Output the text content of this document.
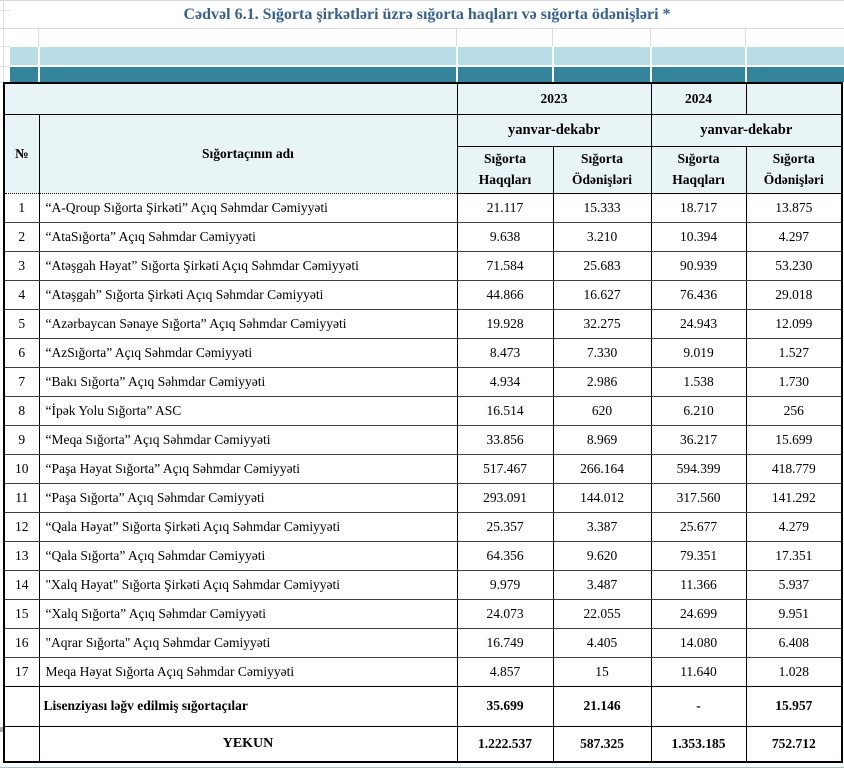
Cədvəl 6.1. Sığorta şirkətləri üzrə sığorta haqları və sığorta ödənişləri *
		2023		2024	
№	Sığortaçının adı	yanvar-dekabr		yanvar-dekabr	
		Sığorta Haqqları	Sığorta Ödənişləri	Sığorta Haqqları	Sığorta Ödənişləri
1	“A-Qroup Sığorta Şirkəti” Açıq Səhmdar Cəmiyyəti	21.117	15.333	18.717	13.875
2	“AtaSığorta” Açıq Səhmdar Cəmiyyəti	9.638	3.210	10.394	4.297
3	“Atəşgah Həyat” Sığorta Şirkəti Açıq Səhmdar Cəmiyyəti	71.584	25.683	90.939	53.230
4	“Atəşgah” Sığorta Şirkəti Açıq Səhmdar Cəmiyyəti	44.866	16.627	76.436	29.018
5	“Azərbaycan Sənaye Sığorta” Açıq Səhmdar Cəmiyyəti	19.928	32.275	24.943	12.099
6	“AzSığorta” Açıq Səhmdar Cəmiyyəti	8.473	7.330	9.019	1.527
7	“Bakı Sığorta” Açıq Səhmdar Cəmiyyəti	4.934	2.986	1.538	1.730
8	“İpək Yolu Sığorta” ASC	16.514	620	6.210	256
9	“Meqa Sığorta” Açıq Səhmdar Cəmiyyəti	33.856	8.969	36.217	15.699
10	“Paşa Həyat Sığorta” Açıq Səhmdar Cəmiyyəti	517.467	266.164	594.399	418.779
11	“Paşa Sığorta” Açıq Səhmdar Cəmiyyəti	293.091	144.012	317.560	141.292
12	“Qala Həyat” Sığorta Şirkəti Açıq Səhmdar Cəmiyyəti	25.357	3.387	25.677	4.279
13	“Qala Sığorta” Açıq Səhmdar Cəmiyyəti	64.356	9.620	79.351	17.351
14	"Xalq Həyat" Sığorta Şirkəti Açıq Səhmdar Cəmiyyəti	9.979	3.487	11.366	5.937
15	“Xalq Sığorta” Açıq Səhmdar Cəmiyyəti	24.073	22.055	24.699	9.951
16	"Aqrar Sığorta" Açıq Səhmdar Cəmiyyəti	16.749	4.405	14.080	6.408
17	Meqa Həyat Sığorta Açıq Səhmdar Cəmiyyəti	4.857	15	11.640	1.028
	Lisenziyası ləğv edilmiş sığortaçılar	35.699	21.146	-	15.957
	YEKUN	1.222.537	587.325	1.353.185	752.712
